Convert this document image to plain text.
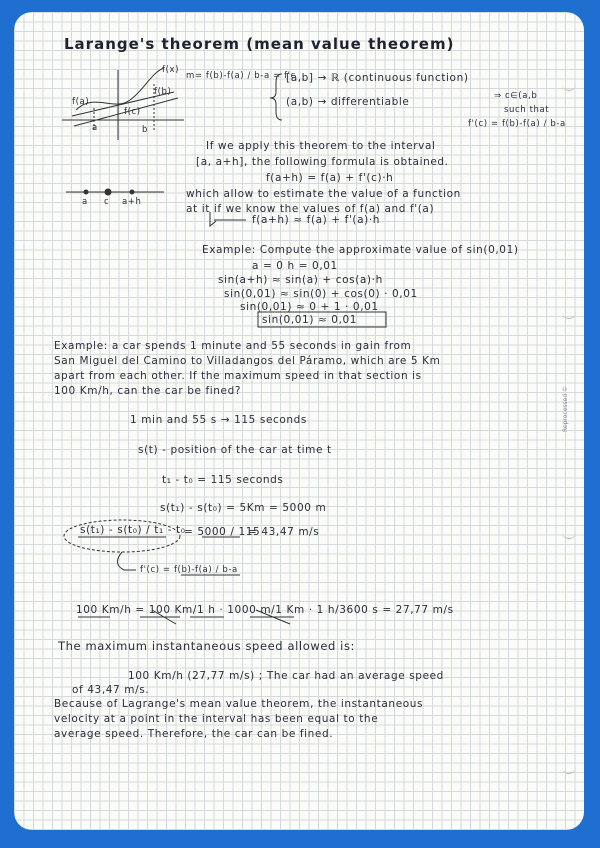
Larange's theorem (mean value theorem)
f(x)
f(b)
f(a)
f(c)
a	b
m= f(b)-f(a) / b-a = f'c
[a,b] → ℝ (continuous function)
(a,b) → differentiable	⇒ c∈(a,b
such that
f'(c) = f(b)-f(a) / b-a
If we apply this theorem to the interval
[a, a+h], the following formula is obtained.
f(a+h) = f(a) + f'(c)·h
a c a+h
which allow to estimate the value of a function
at it if we know the values of f(a) and f'(a)
f(a+h) ≈ f(a) + f'(a)·h
Example: Compute the approximate value of sin(0,01)
a = 0 h = 0,01
sin(a+h) ≈ sin(a) + cos(a)·h
sin(0,01) ≈ sin(0) + cos(0) · 0,01
sin(0,01) ≈ 0 + 1 · 0,01
sin(0,01) ≈ 0,01
Example: a car spends 1 minute and 55 seconds in gain from
San Miguel del Camino to Villadangos del Páramo, which are 5 Km
apart from each other. If the maximum speed in that section is
100 Km/h, can the car be fined?
1 min and 55 s → 115 seconds
s(t) - position of the car at time t
t₁ - t₀ = 115 seconds
s(t₁) - s(t₀) = 5Km = 5000 m
s(t₁) - s(t₀) / t₁ - t₀
= 5000 / 115
= 43,47 m/s
f'(c) = f(b)-f(a) / b-a
100 Km/h = 100 Km/1 h · 1000 m/1 Km · 1 h/3600 s = 27,77 m/s
The maximum instantaneous speed allowed is:
100 Km/h (27,77 m/s) ; The car had an average speed
of 43,47 m/s.
Because of Lagrange's mean value theorem, the instantaneous
velocity at a point in the interval has been equal to the
average speed. Therefore, the car can be fined.
Reprocessed ©
